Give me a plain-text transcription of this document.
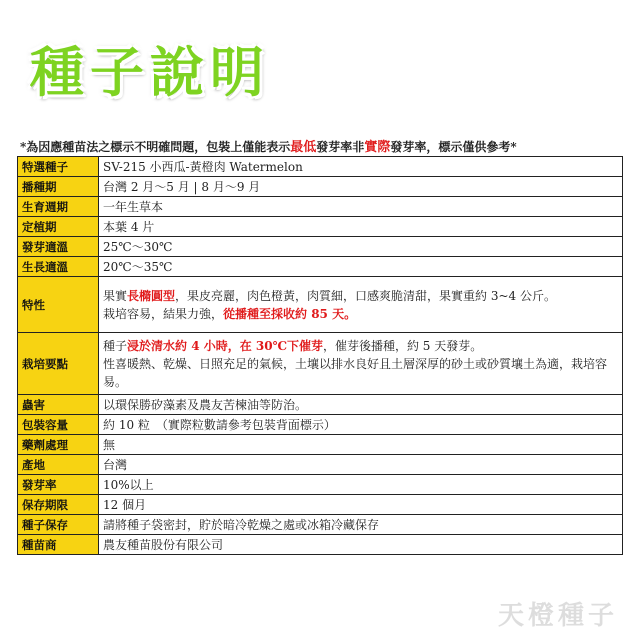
種子說明
*為因應種苗法之標示不明確問題，包裝上僅能表示最低發芽率非實際發芽率，標示僅供參考*
特選種子	SV-215 小西瓜-黃橙肉 Watermelon
播種期	台灣 2 月～5 月 | 8 月～9 月
生育週期	一年生草本
定植期	本葉 4 片
發芽適溫	25℃～30℃
生長適溫	20℃～35℃
特性	果實長橢圓型，果皮亮麗，肉色橙黃，肉質細，口感爽脆清甜，果實重約 3~4 公斤。
栽培容易，結果力強，從播種至採收約 85 天。
栽培要點	種子浸於清水約 4 小時，在 30℃下催芽，催芽後播種，約 5 天發芽。
性喜暖熱、乾燥、日照充足的氣候，土壤以排水良好且土層深厚的砂土或砂質壤土為適，栽培容易。
蟲害	以環保勝矽藻素及農友苦楝油等防治。
包裝容量	約 10 粒　（實際粒數請參考包裝背面標示）
藥劑處理	無
產地	台灣
發芽率	10%以上
保存期限	12 個月
種子保存	請將種子袋密封，貯於暗冷乾燥之處或冰箱冷藏保存
種苗商	農友種苗股份有限公司
天橙種子
